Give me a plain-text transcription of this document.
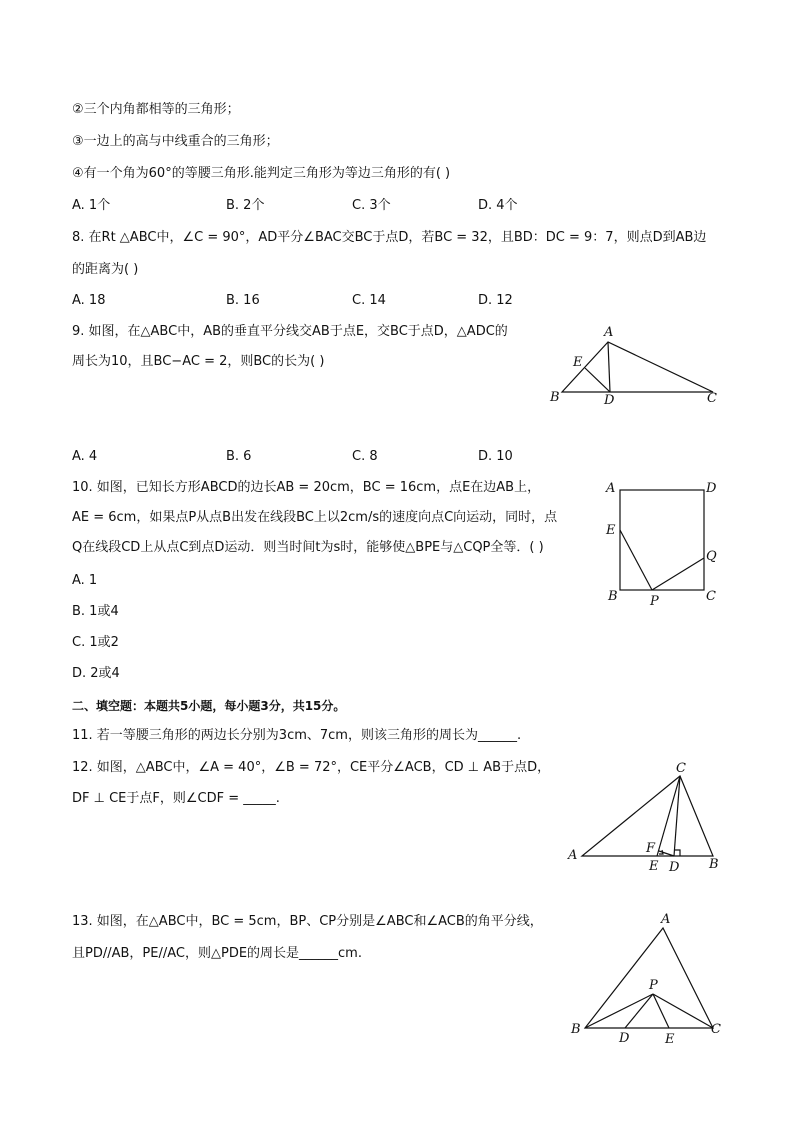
②三个内角都相等的三角形；
③一边上的高与中线重合的三角形；
④有一个角为60°的等腰三角形.能判定三角形为等边三角形的有( )
A. 1个	B. 2个	C. 3个	D. 4个
8. 在Rt △ABC中，∠C = 90°，AD平分∠BAC交BC于点D，若BC = 32，且BD：DC = 9：7，则点D到AB边
的距离为( )
A. 18	B. 16	C. 14	D. 12
9. 如图，在△ABC中，AB的垂直平分线交AB于点E，交BC于点D，△ADC的
周长为10，且BC−AC = 2，则BC的长为( )
A
E
B	D	C
A. 4	B. 6	C. 8	D. 10
10. 如图，已知长方形ABCD的边长AB = 20cm，BC = 16cm，点E在边AB上，
AE = 6cm，如果点P从点B出发在线段BC上以2cm/s的速度向点C向运动，同时，点
Q在线段CD上从点C到点D运动．则当时间t为s时，能够使△BPE与△CQP全等．( )
A	D
E
Q
B P	C
A. 1
B. 1或4
C. 1或2
D. 2或4
二、填空题：本题共5小题，每小题3分，共15分。
11. 若一等腰三角形的两边长分别为3cm、7cm，则该三角形的周长为______.
12. 如图，△ABC中，∠A = 40°，∠B = 72°，CE平分∠ACB，CD ⊥ AB于点D，
DF ⊥ CE于点F，则∠CDF = _____.
C
F
A
E D B
13. 如图，在△ABC中，BC = 5cm，BP、CP分别是∠ABC和∠ACB的角平分线，
且PD//AB，PE//AC，则△PDE的周长是______cm.
A
P
B
D	E
C
